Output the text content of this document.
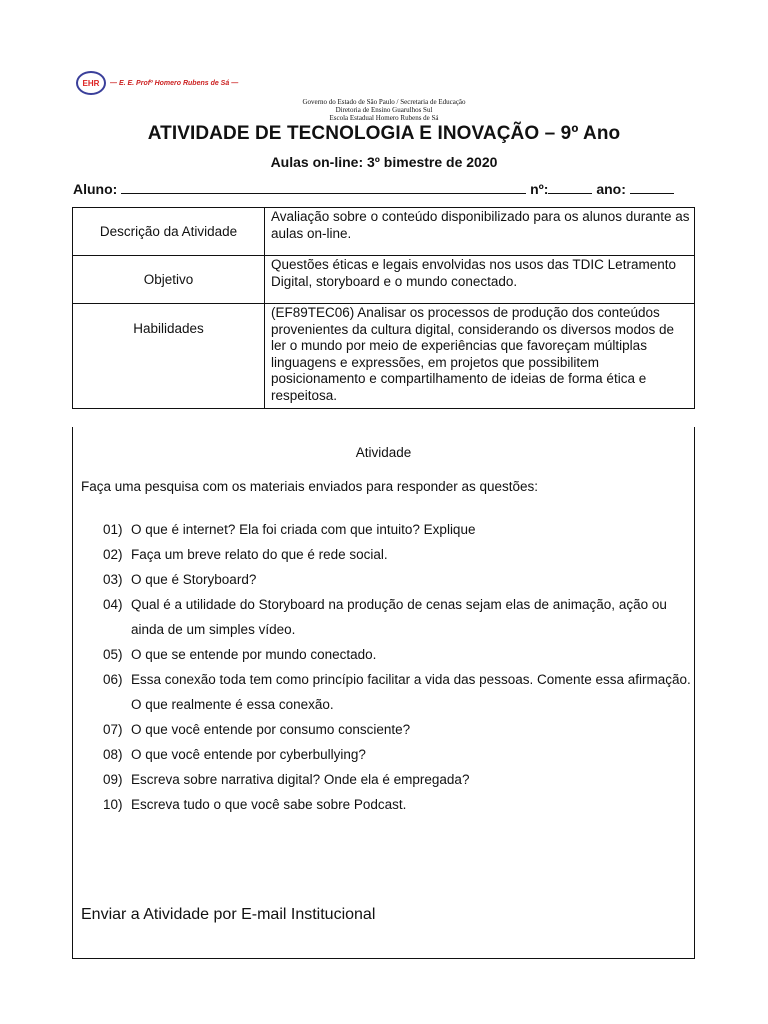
EHR — E. E. Profº Homero Rubens de Sá —
Governo do Estado de São Paulo / Secretaria de Educação
Diretoria de Ensino Guarulhos Sul
Escola Estadual Homero Rubens de Sá
ATIVIDADE DE TECNOLOGIA E INOVAÇÃO – 9º Ano
Aulas on-line: 3º bimestre de 2020
Aluno:	nº:	ano:
Descrição da Atividade	Avaliação sobre o conteúdo disponibilizado para os alunos durante as aulas on-line.
Objetivo	Questões éticas e legais envolvidas nos usos das TDIC Letramento Digital, storyboard e o mundo conectado.
Habilidades	(EF89TEC06) Analisar os processos de produção dos conteúdos provenientes da cultura digital, considerando os diversos modos de ler o mundo por meio de experiências que favoreçam múltiplas linguagens e expressões, em projetos que possibilitem posicionamento e compartilhamento de ideias de forma ética e respeitosa.
Atividade
Faça uma pesquisa com os materiais enviados para responder as questões:
01) O que é internet? Ela foi criada com que intuito? Explique
02) Faça um breve relato do que é rede social.
03) O que é Storyboard?
04) Qual é a utilidade do Storyboard na produção de cenas sejam elas de animação, ação ou ainda de um simples vídeo.
05) O que se entende por mundo conectado.
06) Essa conexão toda tem como princípio facilitar a vida das pessoas. Comente essa afirmação. O que realmente é essa conexão.
07) O que você entende por consumo consciente?
08) O que você entende por cyberbullying?
09) Escreva sobre narrativa digital? Onde ela é empregada?
10) Escreva tudo o que você sabe sobre Podcast.
Enviar a Atividade por E-mail Institucional
